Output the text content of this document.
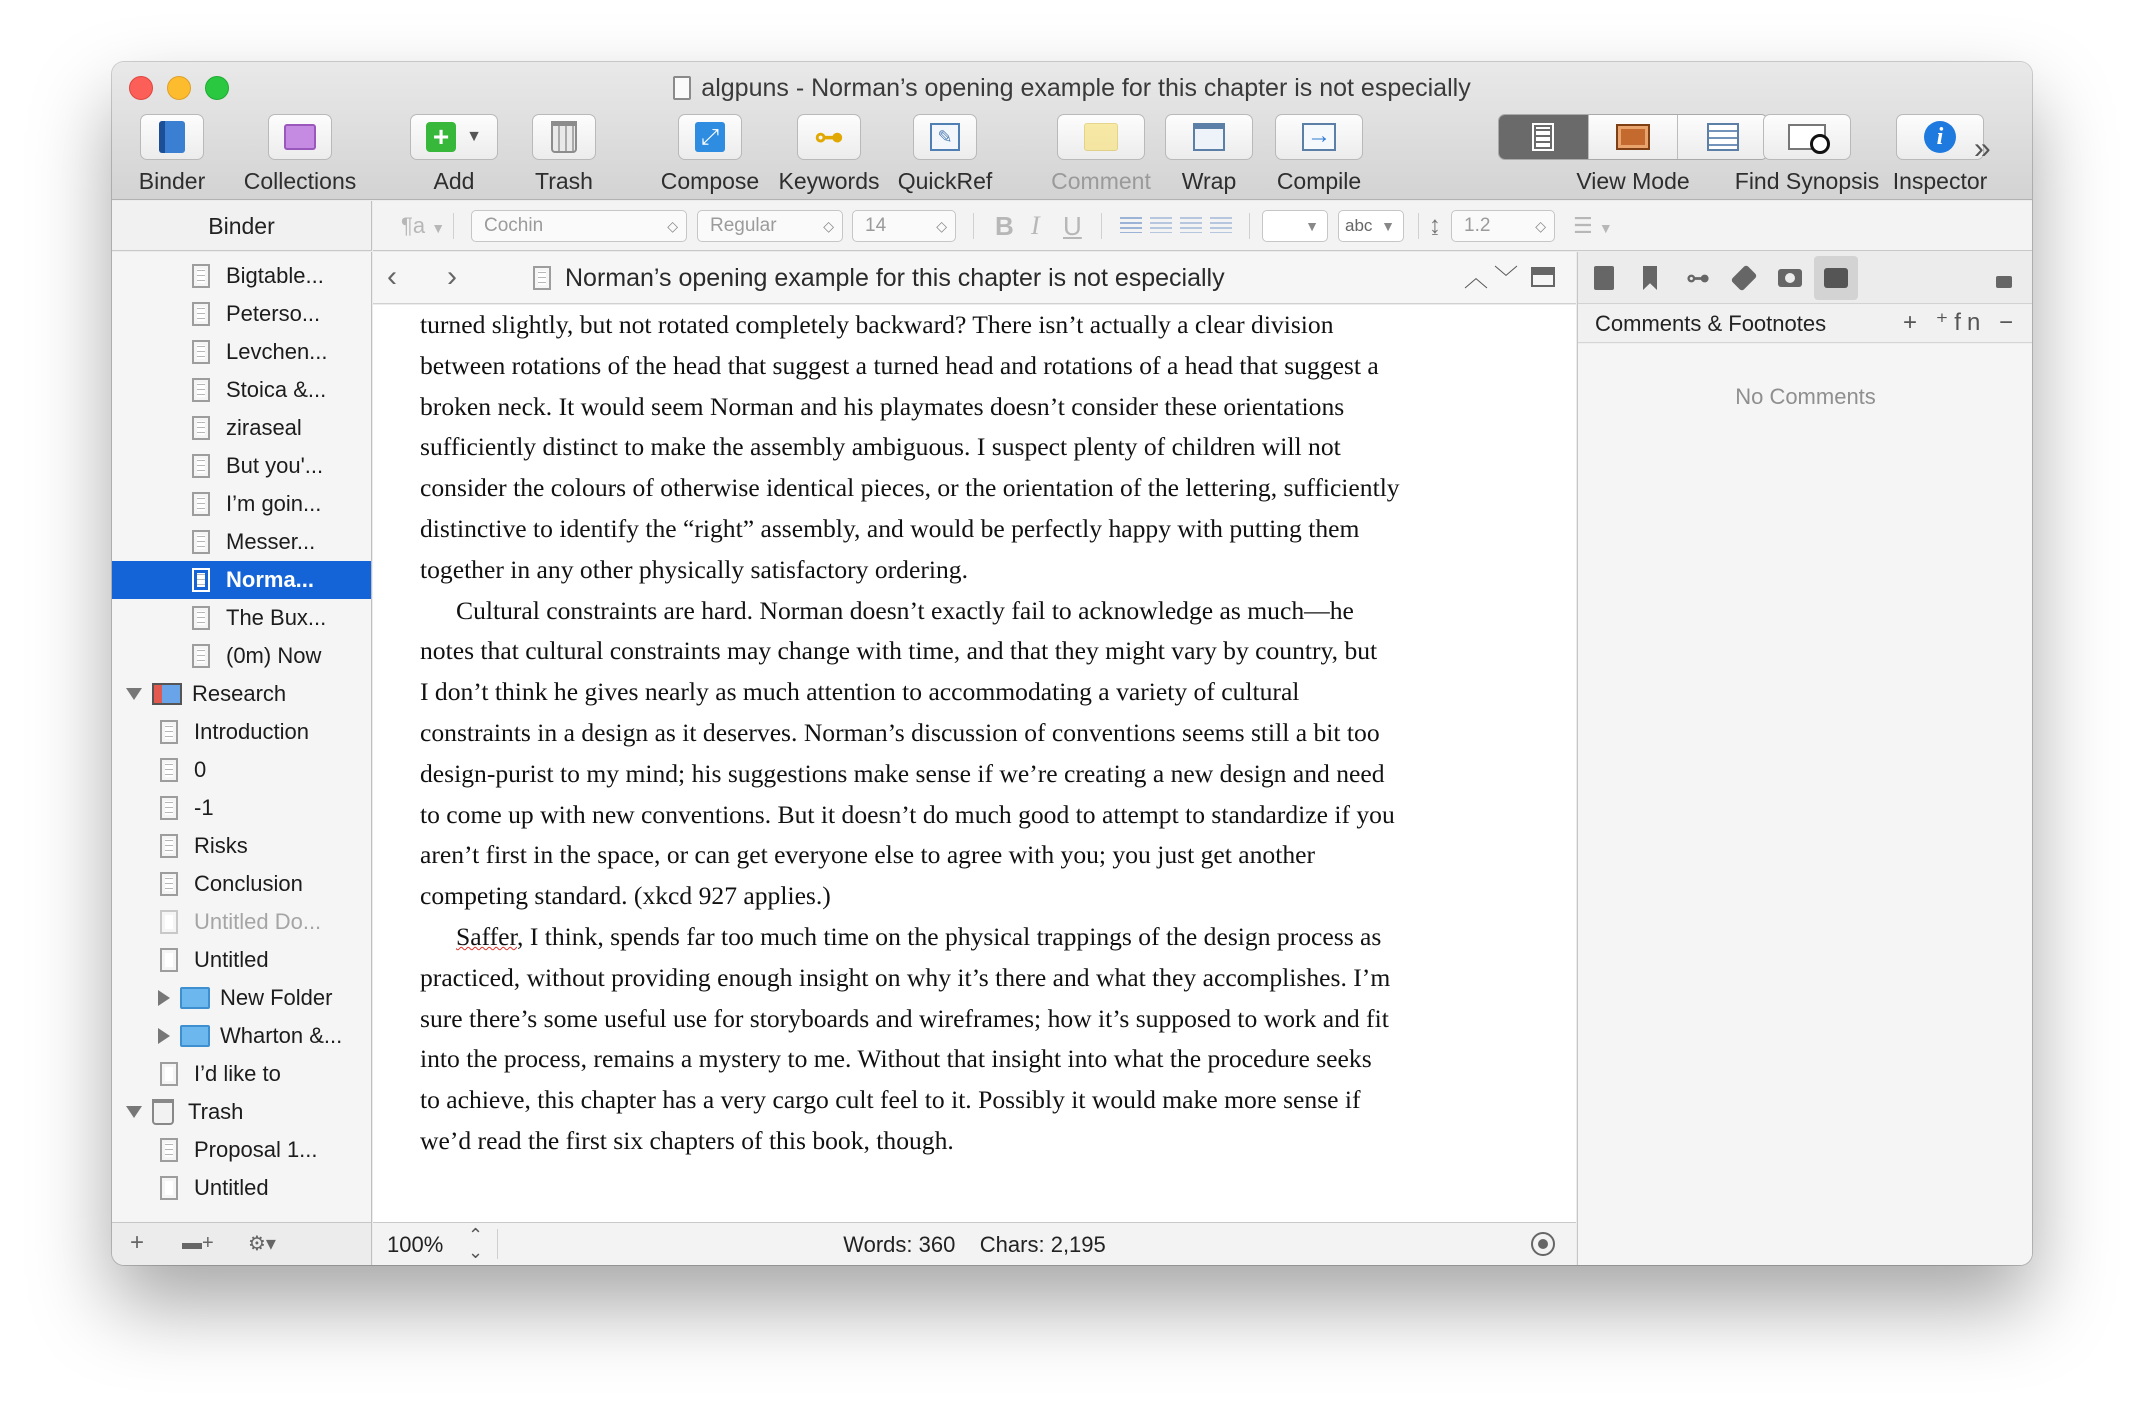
algpuns - Norman’s opening example for this chapter is not especially
Binder	Collections
+	▼
Add	Trash
⤢
Compose
⊶
Keywords
✎
QuickRef	Comment	Wrap
→
Compile	View Mode	Find Synopsis
i
Inspector
»
Binder	¶a ▼	Cochin	◇	Regular	◇	14	◇ B I U	▼	abc ▼ ↨	1.2	◇ ☰ ▼
Bigtable...
Peterso...
Levchen...
Stoica &...
ziraseal
But you'...
I’m goin...
Messer...
Norma...
The Bux...
(0m) Now
Research
Introduction
0
-1
Risks
Conclusion
Untitled Do...
Untitled
New Folder
Wharton &...
I’d like to
Trash
Proposal 1...
Untitled
+ ▬+ ⚙▾
‹ ›	Norman’s opening example for this chapter is not especially	︿﹀
turned slightly, but not rotated completely backward? There isn’t actually a clear division
between rotations of the head that suggest a turned head and rotations of a head that suggest a
broken neck. It would seem Norman and his playmates doesn’t consider these orientations
sufficiently distinct to make the assembly ambiguous. I suspect plenty of children will not
consider the colours of otherwise identical pieces, or the orientation of the lettering, sufficiently
distinctive to identify the “right” assembly, and would be perfectly happy with putting them
together in any other physically satisfactory ordering.
Cultural constraints are hard. Norman doesn’t exactly fail to acknowledge as much—he
notes that cultural constraints may change with time, and that they might vary by country, but
I don’t think he gives nearly as much attention to accommodating a variety of cultural
constraints in a design as it deserves. Norman’s discussion of conventions seems still a bit too
design-purist to my mind; his suggestions make sense if we’re creating a new design and need
to come up with new conventions. But it doesn’t do much good to attempt to standardize if you
aren’t first in the space, or can get everyone else to agree with you; you just get another
competing standard. (xkcd 927 applies.)
Saffer, I think, spends far too much time on the physical trappings of the design process as
practiced, without providing enough insight on why it’s there and what they accomplishes. I’m
sure there’s some useful use for storyboards and wireframes; how it’s supposed to work and fit
into the process, remains a mystery to me. Without that insight into what the procedure seeks
to achieve, this chapter has a very cargo cult feel to it. Possibly it would make more sense if
we’d read the first six chapters of this book, though.
100% ⌃
⌄	Words: 360 Chars: 2,195
⊶
Comments & Footnotes	+ ⁺fn −
No Comments
